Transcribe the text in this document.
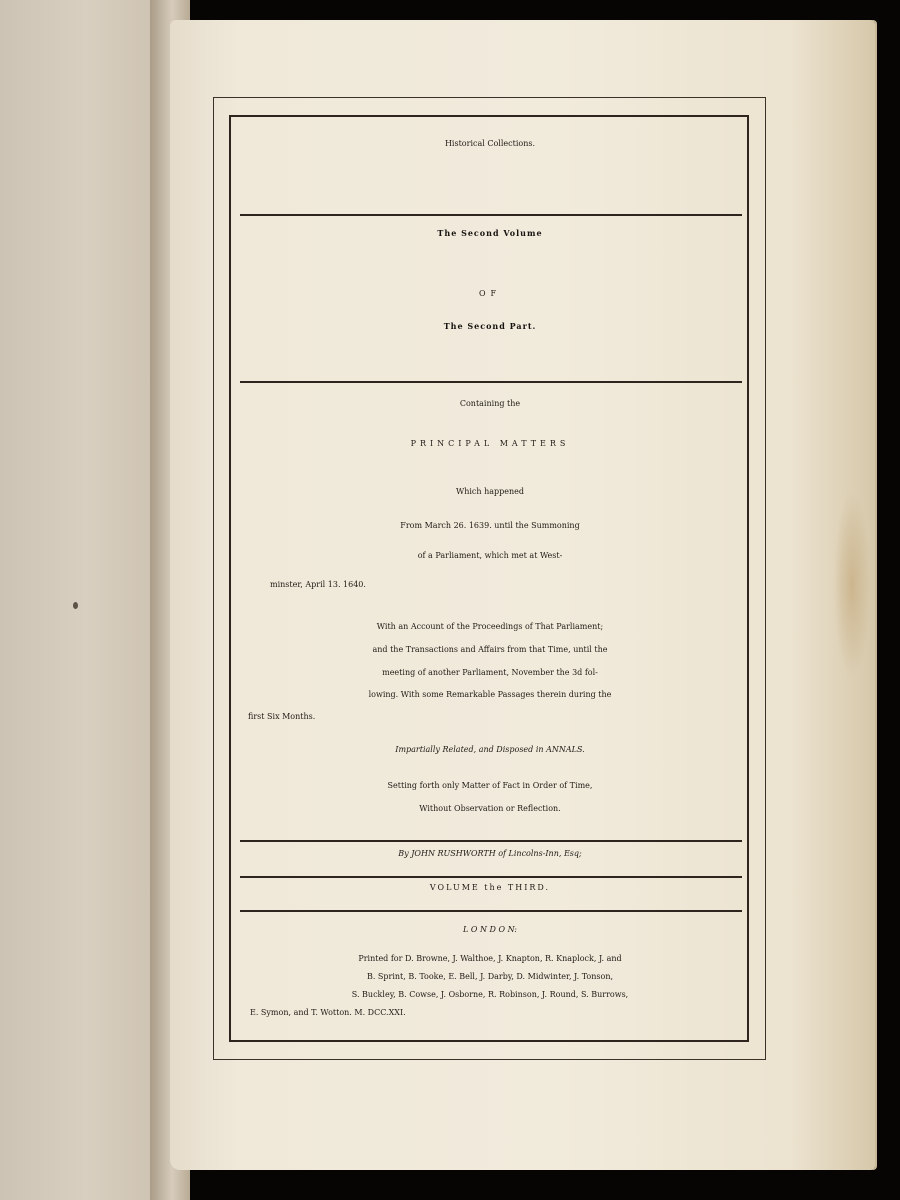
Historical Collections.
The Second Volume
OF
The Second Part.
Containing the
PRINCIPAL MATTERS
Which happened
From March 26. 1639. until the Summoning
of a Parliament, which met at West-
minster, April 13. 1640.
With an Account of the Proceedings of That Parliament;
and the Transactions and Affairs from that Time, until the
meeting of another Parliament, November the 3d fol-
lowing. With some Remarkable Passages therein during the
first Six Months.
Impartially Related, and Disposed in ANNALS.
Setting forth only Matter of Fact in Order of Time,
Without Observation or Reflection.
By JOHN RUSHWORTH of Lincolns-Inn, Esq;
VOLUME the THIRD.
L O N D O N:
Printed for D. Browne, J. Walthoe, J. Knapton, R. Knaplock, J. and
B. Sprint, B. Tooke, E. Bell, J. Darby, D. Midwinter, J. Tonson,
S. Buckley, B. Cowse, J. Osborne, R. Robinson, J. Round, S. Burrows,
E. Symon, and T. Wotton. M. DCC.XXI.
